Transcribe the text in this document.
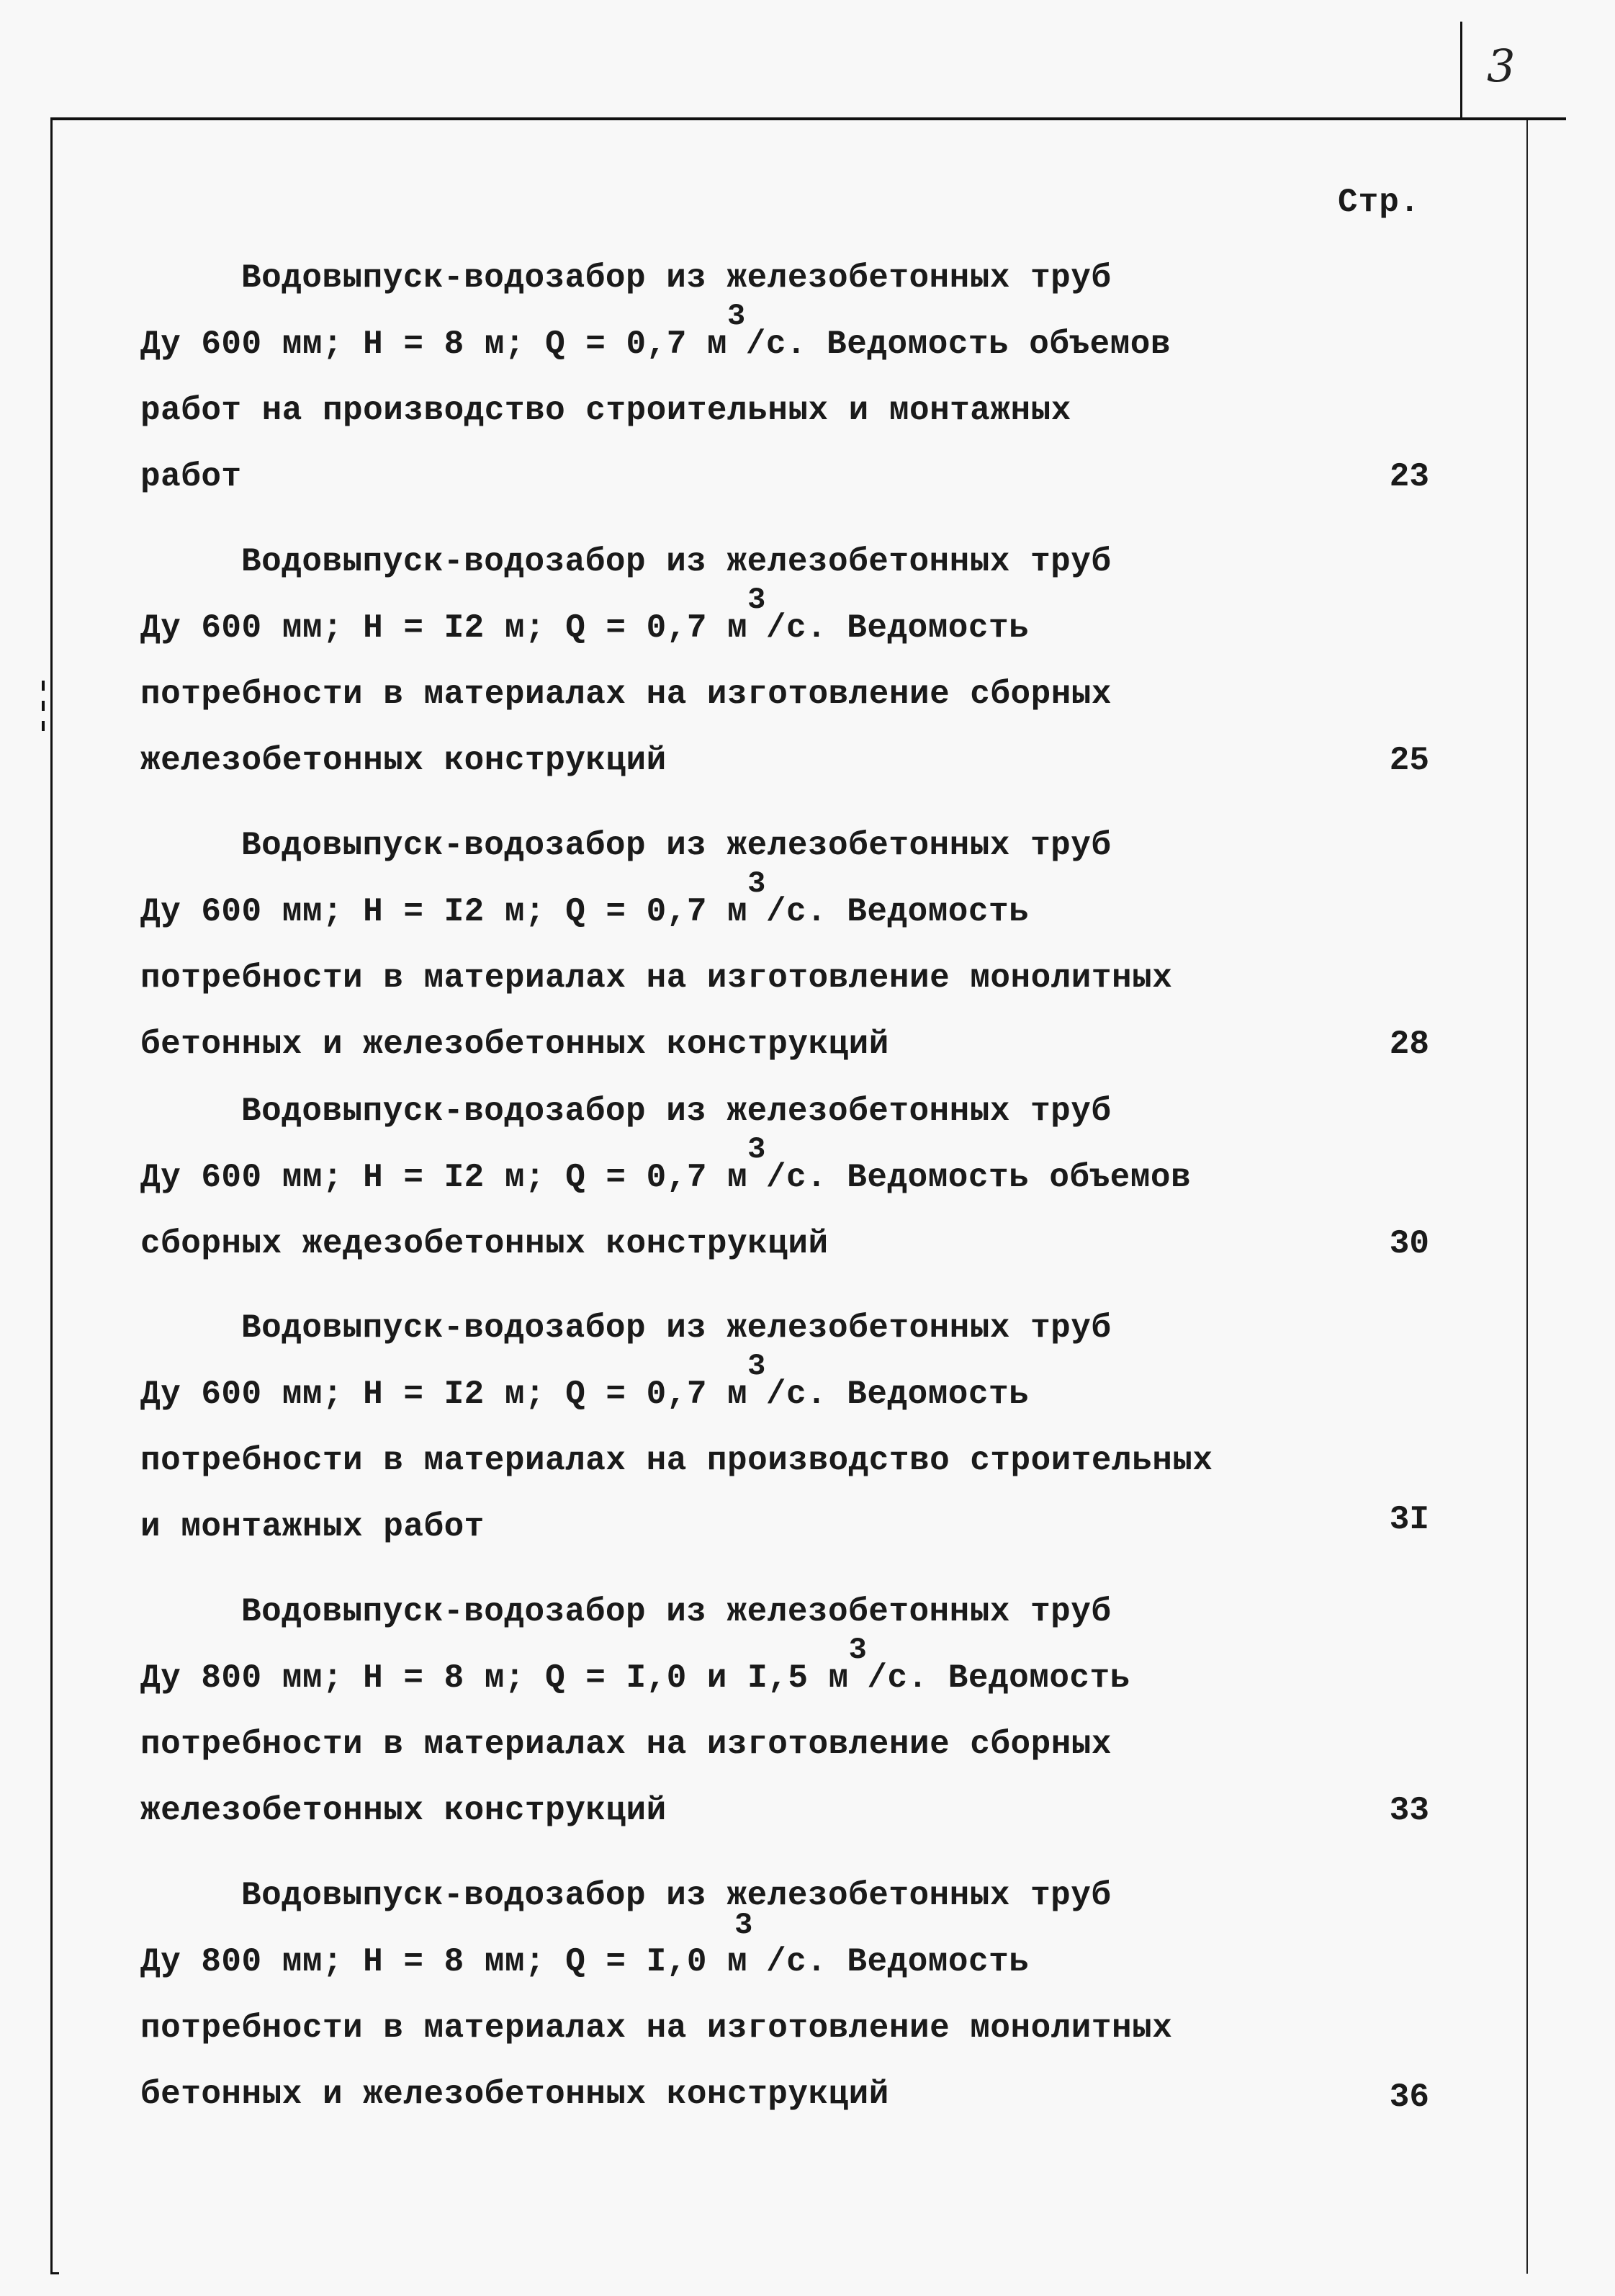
3
Стр.
Водовыпуск-водозабор из железобетонных труб
Ду 600 мм; Н = 8 м; Q = 0,7 м3/с. Ведомость объемов
работ на производство строительных и монтажных
работ	23
Водовыпуск-водозабор из железобетонных труб
Ду 600 мм; Н = I2 м; Q = 0,7 м3/с. Ведомость
потребности в материалах на изготовление сборных
железобетонных конструкций	25
Водовыпуск-водозабор из железобетонных труб
Ду 600 мм; Н = I2 м; Q = 0,7 м3/с. Ведомость
потребности в материалах на изготовление монолитных
бетонных и железобетонных конструкций	28
Водовыпуск-водозабор из железобетонных труб
Ду 600 мм; Н = I2 м; Q = 0,7 м3/с. Ведомость объемов
сборных жедезобетонных конструкций	30
Водовыпуск-водозабор из железобетонных труб
Ду 600 мм; Н = I2 м; Q = 0,7 м3/с. Ведомость
потребности в материалах на производство строительных
и монтажных работ	3I
Водовыпуск-водозабор из железобетонных труб
Ду 800 мм; Н = 8 м; Q = I,0 и I,5 м3/с. Ведомость
потребности в материалах на изготовление сборных
железобетонных конструкций	33
Водовыпуск-водозабор из железобетонных труб
Ду 800 мм; Н = 8 мм; Q = I,0 м3 /с. Ведомость
потребности в материалах на изготовление монолитных
бетонных и железобетонных конструкций	36
